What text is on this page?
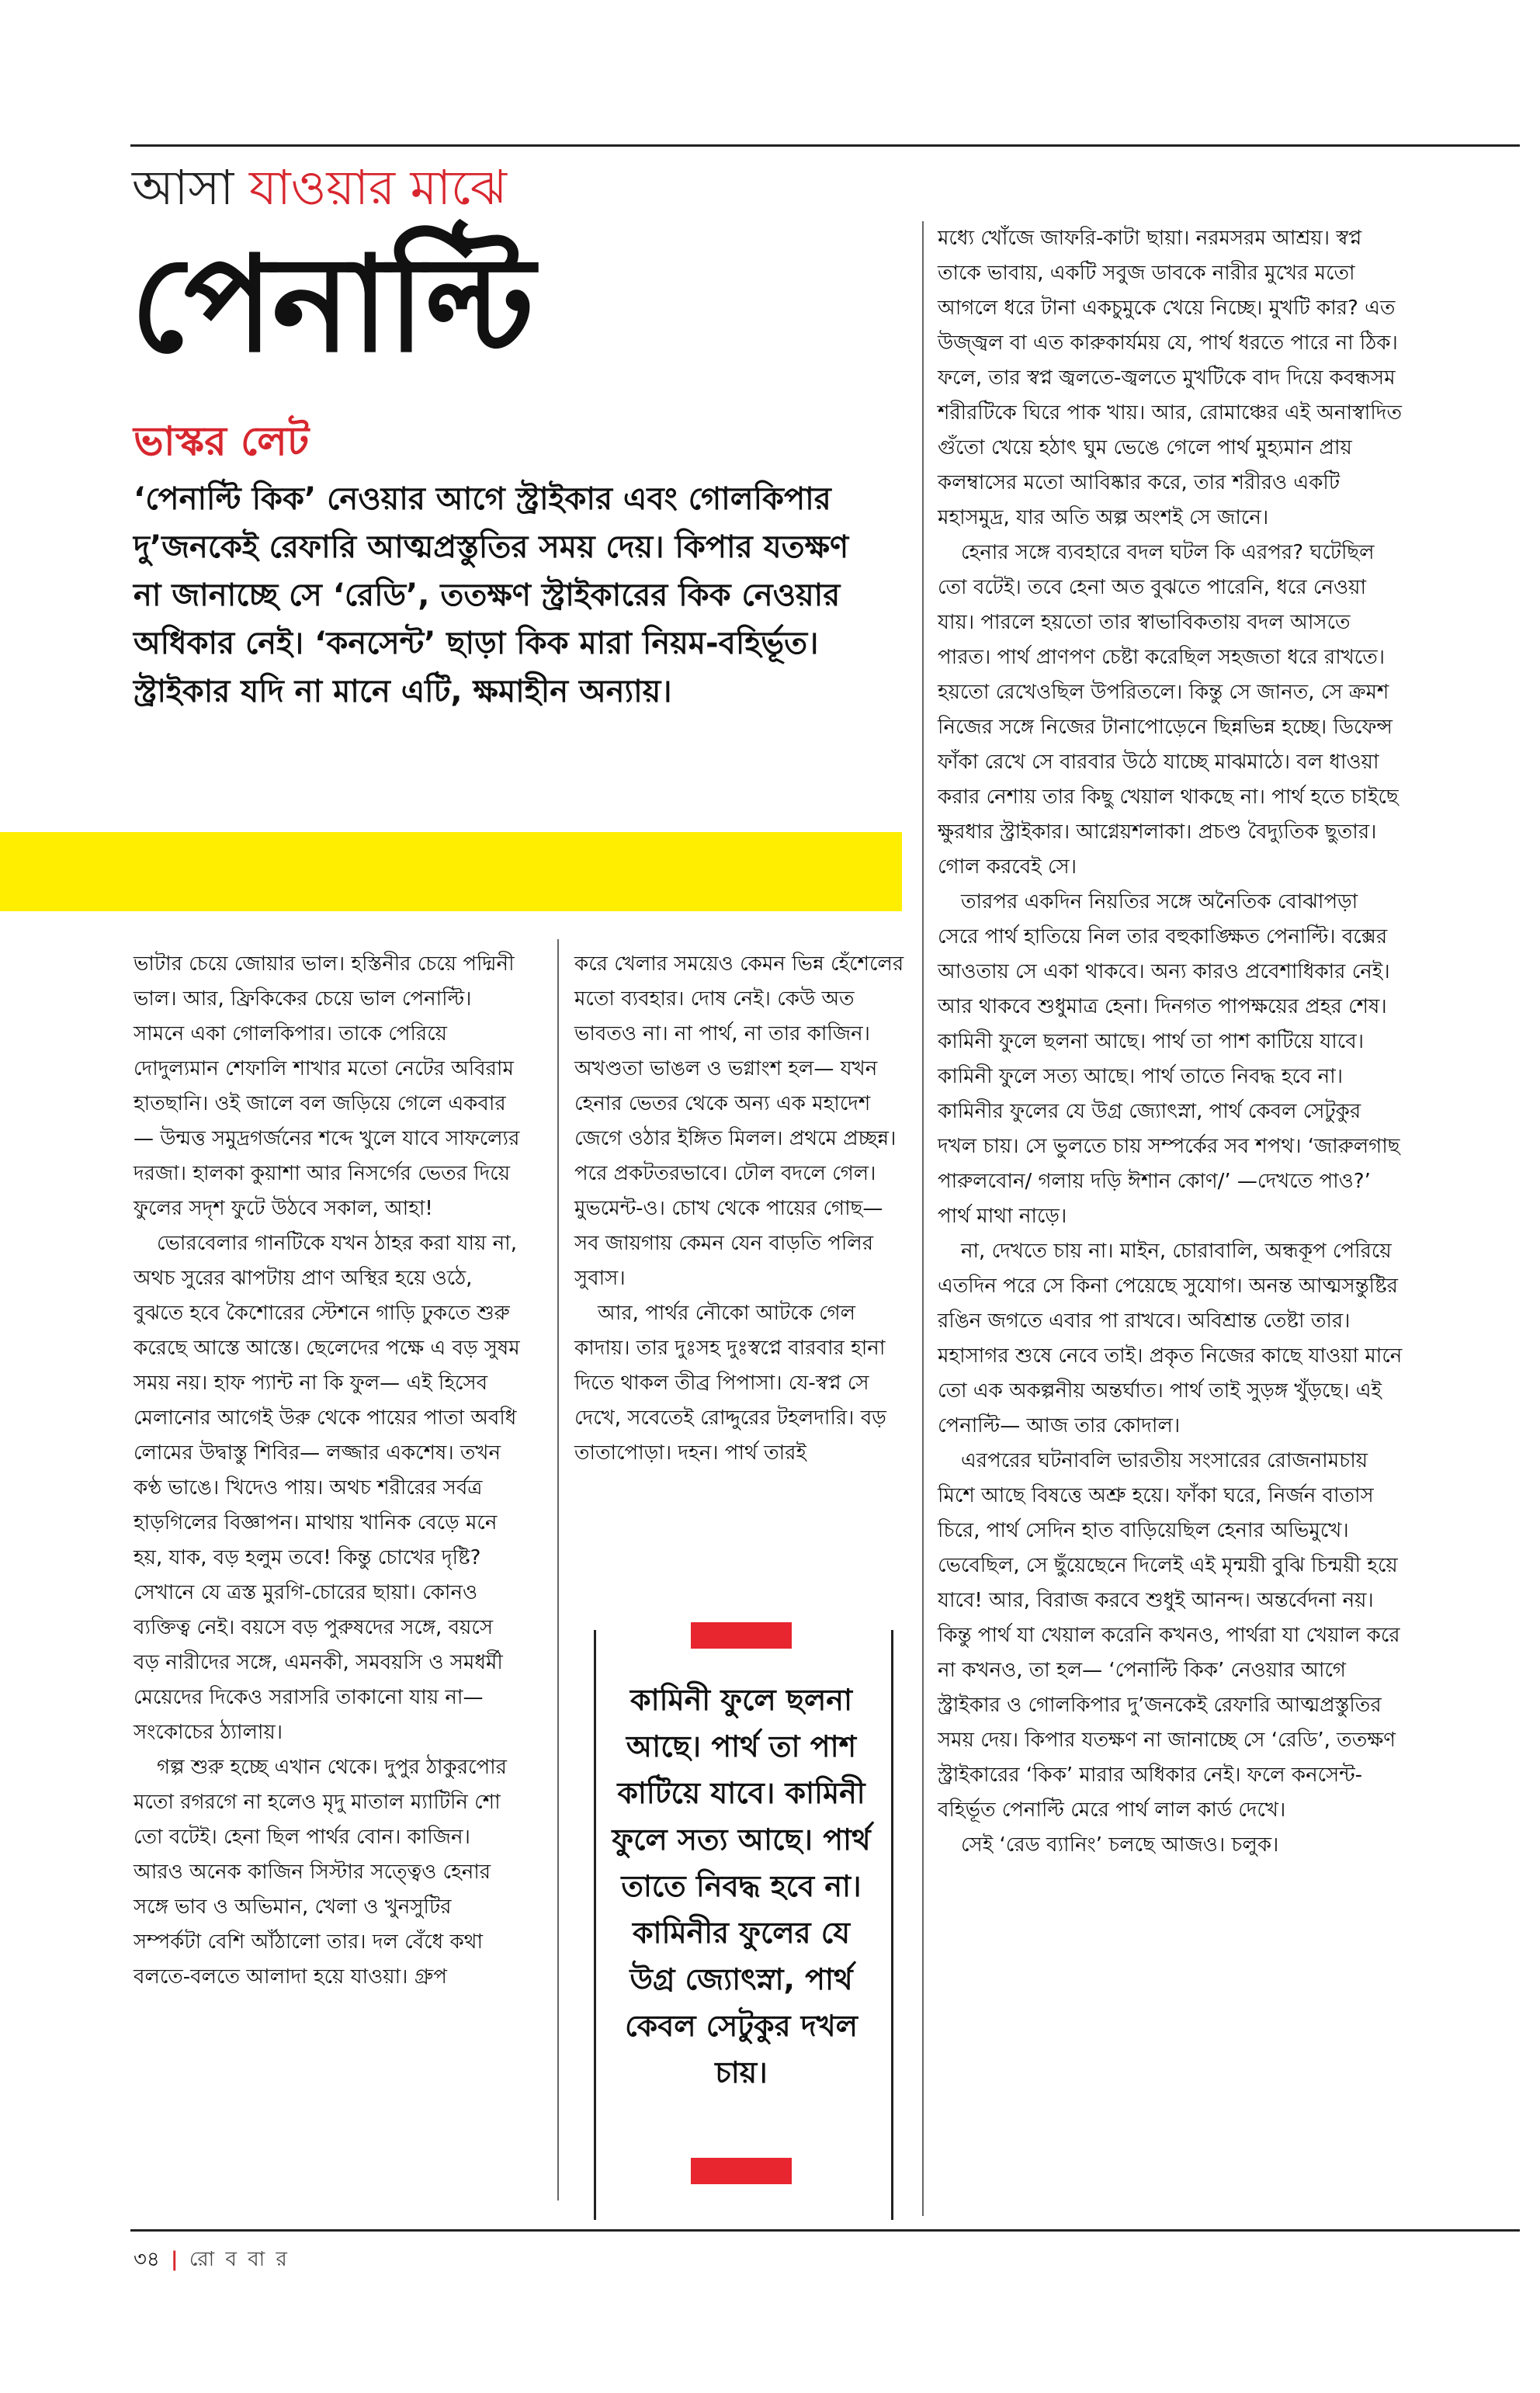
আসা যাওয়ার মাঝে
পেনাল্টি
ভাস্কর লেট

‘পেনাল্টি কিক’ নেওয়ার আগে স্ট্রাইকার এবং গোলকিপার দু’জনকেই রেফারি আত্মপ্রস্তুতির সময় দেয়। কিপার যতক্ষণ না জানাচ্ছে সে ‘রেডি’, ততক্ষণ স্ট্রাইকারের কিক নেওয়ার অধিকার নেই। ‘কনসেন্ট’ ছাড়া কিক মারা নিয়ম-বহির্ভূত। স্ট্রাইকার যদি না মানে এটি, ক্ষমাহীন অন্যায়।

ভাটার চেয়ে জোয়ার ভাল। হস্তিনীর চেয়ে পদ্মিনী ভাল। আর, ফ্রিকিকের চেয়ে ভাল পেনাল্টি। সামনে একা গোলকিপার। তাকে পেরিয়ে দোদুল্যমান শেফালি শাখার মতো নেটের অবিরাম হাতছানি। ওই জালে বল জড়িয়ে গেলে একবার— উন্মত্ত সমুদ্রগর্জনের শব্দে খুলে যাবে সাফল্যের দরজা। হালকা কুয়াশা আর নিসর্গের ভেতর দিয়ে ফুলের সদৃশ ফুটে উঠবে সকাল, আহা!

ভোরবেলার গানটিকে যখন ঠাহর করা যায় না, অথচ সুরের ঝাপটায় প্রাণ অস্থির হয়ে ওঠে, বুঝতে হবে কৈশোরের স্টেশনে গাড়ি ঢুকতে শুরু করেছে আস্তে আস্তে। ছেলেদের পক্ষে এ বড় সুষম সময় নয়। হাফ প্যান্ট না কি ফুল— এই হিসেব মেলানোর আগেই উরু থেকে পায়ের পাতা অবধি লোমের উদ্বাস্তু শিবির— লজ্জার একশেষ। তখন কণ্ঠ ভাঙে। খিদেও পায়। অথচ শরীরের সর্বত্র হাড়গিলের বিজ্ঞাপন। মাথায় খানিক বেড়ে মনে হয়, যাক, বড় হলুম তবে! কিন্তু চোখের দৃষ্টি? সেখানে যে ত্রস্ত মুরগি-চোরের ছায়া। কোনও ব্যক্তিত্ব নেই। বয়সে বড় পুরুষদের সঙ্গে, বয়সে বড় নারীদের সঙ্গে, এমনকী, সমবয়সি ও সমধর্মী মেয়েদের দিকেও সরাসরি তাকানো যায় না— সংকোচের ঠ্যালায়।

গল্প শুরু হচ্ছে এখান থেকে। দুপুর ঠাকুরপোর মতো রগরগে না হলেও মৃদু মাতাল ম্যাটিনি শো তো বটেই। হেনা ছিল পার্থর বোন। কাজিন। আরও অনেক কাজিন সিস্টার সত্ত্বেও হেনার সঙ্গে ভাব ও অভিমান, খেলা ও খুনসুটির সম্পর্কটা বেশি আঁঠালো তার। দল বেঁধে কথা বলতে-বলতে আলাদা হয়ে যাওয়া। গ্রুপ

করে খেলার সময়েও কেমন ভিন্ন হেঁশেলের মতো ব্যবহার। দোষ নেই। কেউ অত ভাবতও না। না পার্থ, না তার কাজিন। অখণ্ডতা ভাঙল ও ভগ্নাংশ হল— যখন হেনার ভেতর থেকে অন্য এক মহাদেশ জেগে ওঠার ইঙ্গিত মিলল। প্রথমে প্রচ্ছন্ন। পরে প্রকটতরভাবে। ঢৌল বদলে গেল। মুভমেন্ট-ও। চোখ থেকে পায়ের গোছ— সব জায়গায় কেমন যেন বাড়তি পলির সুবাস।

আর, পার্থর নৌকো আটকে গেল কাদায়। তার দুঃসহ দুঃস্বপ্নে বারবার হানা দিতে থাকল তীব্র পিপাসা। যে-স্বপ্ন সে দেখে, সবেতেই রোদ্দুরের টহলদারি। বড় তাতাপোড়া। দহন। পার্থ তারই

কামিনী ফুলে ছলনা আছে। পার্থ তা পাশ কাটিয়ে যাবে। কামিনী ফুলে সত্য আছে। পার্থ তাতে নিবদ্ধ হবে না। কামিনীর ফুলের যে উগ্র জ্যোৎস্না, পার্থ কেবল সেটুকুর দখল চায়।

মধ্যে খোঁজে জাফরি-কাটা ছায়া। নরমসরম আশ্রয়। স্বপ্ন তাকে ভাবায়, একটি সবুজ ডাবকে নারীর মুখের মতো আগলে ধরে টানা একচুমুকে খেয়ে নিচ্ছে। মুখটি কার? এত উজ্জ্বল বা এত কারুকার্যময় যে, পার্থ ধরতে পারে না ঠিক। ফলে, তার স্বপ্ন জ্বলতে-জ্বলতে মুখটিকে বাদ দিয়ে কবন্ধসম শরীরটিকে ঘিরে পাক খায়। আর, রোমাঞ্চের এই অনাস্বাদিত গুঁতো খেয়ে হঠাৎ ঘুম ভেঙে গেলে পার্থ মুহ্যমান প্রায় কলম্বাসের মতো আবিষ্কার করে, তার শরীরও একটি মহাসমুদ্র, যার অতি অল্প অংশই সে জানে।

হেনার সঙ্গে ব্যবহারে বদল ঘটল কি এরপর? ঘটেছিল তো বটেই। তবে হেনা অত বুঝতে পারেনি, ধরে নেওয়া যায়। পারলে হয়তো তার স্বাভাবিকতায় বদল আসতে পারত। পার্থ প্রাণপণ চেষ্টা করেছিল সহজতা ধরে রাখতে। হয়তো রেখেওছিল উপরিতলে। কিন্তু সে জানত, সে ক্রমশ নিজের সঙ্গে নিজের টানাপোড়েনে ছিন্নভিন্ন হচ্ছে। ডিফেন্স ফাঁকা রেখে সে বারবার উঠে যাচ্ছে মাঝমাঠে। বল ধাওয়া করার নেশায় তার কিছু খেয়াল থাকছে না। পার্থ হতে চাইছে ক্ষুরধার স্ট্রাইকার। আগ্নেয়শলাকা। প্রচণ্ড বৈদ্যুতিক ছুতার। গোল করবেই সে।

তারপর একদিন নিয়তির সঙ্গে অনৈতিক বোঝাপড়া সেরে পার্থ হাতিয়ে নিল তার বহুকাঙ্ক্ষিত পেনাল্টি। বক্সের আওতায় সে একা থাকবে। অন্য কারও প্রবেশাধিকার নেই। আর থাকবে শুধুমাত্র হেনা। দিনগত পাপক্ষয়ের প্রহর শেষ। কামিনী ফুলে ছলনা আছে। পার্থ তা পাশ কাটিয়ে যাবে। কামিনী ফুলে সত্য আছে। পার্থ তাতে নিবদ্ধ হবে না। কামিনীর ফুলের যে উগ্র জ্যোৎস্না, পার্থ কেবল সেটুকুর দখল চায়। সে ভুলতে চায় সম্পর্কের সব শপথ। ‘জারুলগাছ পারুলবোন/ গলায় দড়ি ঈশান কোণ/’ —দেখতে পাও?’ পার্থ মাথা নাড়ে।

না, দেখতে চায় না। মাইন, চোরাবালি, অন্ধকূপ পেরিয়ে এতদিন পরে সে কিনা পেয়েছে সুযোগ। অনন্ত আত্মসন্তুষ্টির রঙিন জগতে এবার পা রাখবে। অবিশ্রান্ত তেষ্টা তার। মহাসাগর শুষে নেবে তাই। প্রকৃত নিজের কাছে যাওয়া মানে তো এক অকল্পনীয় অন্তর্ঘাত। পার্থ তাই সুড়ঙ্গ খুঁড়ছে। এই পেনাল্টি— আজ তার কোদাল।

এরপরের ঘটনাবলি ভারতীয় সংসারের রোজনামচায় মিশে আছে বিষত্তে অশ্রু হয়ে। ফাঁকা ঘরে, নির্জন বাতাস চিরে, পার্থ সেদিন হাত বাড়িয়েছিল হেনার অভিমুখে। ভেবেছিল, সে ছুঁয়েছেনে দিলেই এই মৃন্ময়ী বুঝি চিন্ময়ী হয়ে যাবে! আর, বিরাজ করবে শুধুই আনন্দ। অন্তর্বেদনা নয়। কিন্তু পার্থ যা খেয়াল করেনি কখনও, পার্থরা যা খেয়াল করে না কখনও, তা হল— ‘পেনাল্টি কিক’ নেওয়ার আগে স্ট্রাইকার ও গোলকিপার দু’জনকেই রেফারি আত্মপ্রস্তুতির সময় দেয়। কিপার যতক্ষণ না জানাচ্ছে সে ‘রেডি’, ততক্ষণ স্ট্রাইকারের ‘কিক’ মারার অধিকার নেই। ফলে কনসেন্ট-বহির্ভূত পেনাল্টি মেরে পার্থ লাল কার্ড দেখে।

সেই ‘রেড ব্যানিং’ চলছে আজও। চলুক।

৩৪ | রো ব বা র
